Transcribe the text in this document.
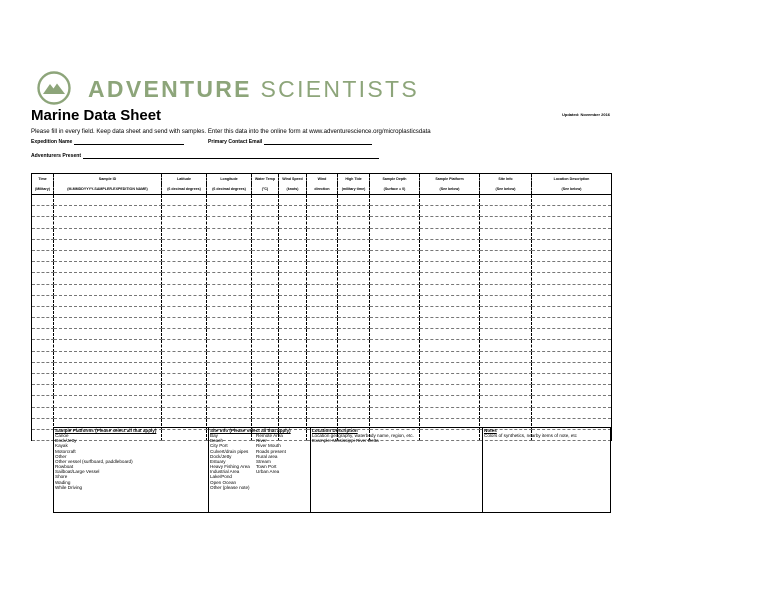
ADVENTURE SCIENTISTS
Marine Data Sheet	Updated: November 2016
Please fill in every field. Keep data sheet and send with samples. Enter this data into the online form at www.adventurescience.org/microplasticsdata
Expedition Name	Primary Contact Email
Adventurers Present
Time	Sample ID	Latitude	Longitude	Water Temp	Wind Speed	Wind	High Tide	Sample Depth	Sample Platform	Site Info	Location Description
(Military)	(M-MMDDYYYY-SAMPLER-EXPEDITION NAME)	(6 decimal degrees)	(6 decimal degrees)	(°C)	(knots)	direction	(military time)	(Surface = 0)	(See below)	(See below)	(See below)

Sample Platforms (Please select all that apply)
Canoe
Dock/Jetty
Kayak
Motorcraft
Other
Other vessel (surfboard, paddleboard)
Rowboat
Sailboat/Large Vessel
Shore
Wading
While Driving
Site Info (Please select all that apply)
Bay
Beach
City Port
Culvert/drain pipes
Dock/Jetty
Estuary
Heavy Fishing Area
Industrial Area
Lake/Pond
Open Ocean
Other (please note)
Remote Area
River
River Mouth
Roads present
Rural area
Stream
Town Port
Urban Area
Location Description
Location geography, waterbody name, region, etc.
Example: Mississippi River Delta
Notes
Colors of synthetics, nearby items of note, etc
